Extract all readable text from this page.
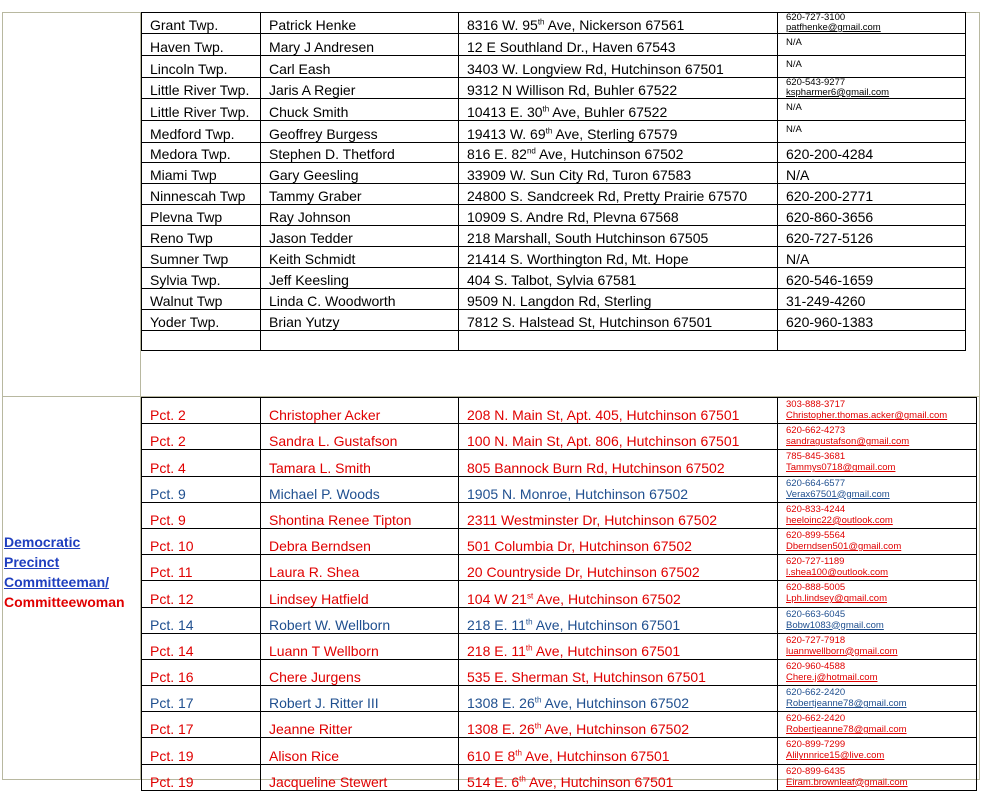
Democratic
Precinct
Committeeman/
Committeewoman
Grant Twp.	Patrick Henke	8316 W. 95th Ave, Nickerson 67561	620-727-3100
patfhenke@gmail.com

Haven Twp.	Mary J Andresen	12 E Southland Dr., Haven 67543	N/A
Lincoln Twp.	Carl Eash	3403 W. Longview Rd, Hutchinson 67501	N/A
Little River Twp.	Jaris A Regier	9312 N Willison Rd, Buhler 67522	620-543-9277
kspharmer6@gmail.com

Little River Twp.	Chuck Smith	10413 E. 30th Ave, Buhler 67522	N/A
Medford Twp.	Geoffrey Burgess	19413 W. 69th Ave, Sterling 67579	N/A
Medora Twp.	Stephen D. Thetford	816 E. 82nd Ave, Hutchinson 67502	620-200-4284
Miami Twp	Gary Geesling	33909 W. Sun City Rd, Turon 67583	N/A
Ninnescah Twp	Tammy Graber	24800 S. Sandcreek Rd, Pretty Prairie 67570	620-200-2771
Plevna Twp	Ray Johnson	10909 S. Andre Rd, Plevna 67568	620-860-3656
Reno Twp	Jason Tedder	218 Marshall, South Hutchinson 67505	620-727-5126
Sumner Twp	Keith Schmidt	21414 S. Worthington Rd, Mt. Hope	N/A
Sylvia Twp.	Jeff Keesling	404 S. Talbot, Sylvia 67581	620-546-1659
Walnut Twp	Linda C. Woodworth	9509 N. Langdon Rd, Sterling	31-249-4260
Yoder Twp.	Brian Yutzy	7812 S. Halstead St, Hutchinson 67501	620-960-1383

Pct. 2	Christopher Acker	208 N. Main St, Apt. 405, Hutchinson 67501	303-888-3717
Christopher.thomas.acker@gmail.com

Pct. 2	Sandra L. Gustafson	100 N. Main St, Apt. 806, Hutchinson 67501	620-662-4273
sandragustafson@gmail.com

Pct. 4	Tamara L. Smith	805 Bannock Burn Rd, Hutchinson 67502	785-845-3681
Tammys0718@gmail.com

Pct. 9	Michael P. Woods	1905 N. Monroe, Hutchinson 67502	620-664-6577
Verax67501@gmail.com

Pct. 9	Shontina Renee Tipton	2311 Westminster Dr, Hutchinson 67502	620-833-4244
heeloinc22@outlook.com

Pct. 10	Debra Berndsen	501 Columbia Dr, Hutchinson 67502	620-899-5564
Dberndsen501@gmail.com

Pct. 11	Laura R. Shea	20 Countryside Dr, Hutchinson 67502	620-727-1189
l.shea100@outlook.com

Pct. 12	Lindsey Hatfield	104 W 21st Ave, Hutchinson 67502	620-888-5005
Lph.lindsey@gmail.com

Pct. 14	Robert W. Wellborn	218 E. 11th Ave, Hutchinson 67501	620-663-6045
Bobw1083@gmail.com

Pct. 14	Luann T Wellborn	218 E. 11th Ave, Hutchinson 67501	620-727-7918
luannwellborn@gmail.com

Pct. 16	Chere Jurgens	535 E. Sherman St, Hutchinson 67501	620-960-4588
Chere.j@hotmail.com

Pct. 17	Robert J. Ritter III	1308 E. 26th Ave, Hutchinson 67502	620-662-2420
Robertjeanne78@gmail.com

Pct. 17	Jeanne Ritter	1308 E. 26th Ave, Hutchinson 67502	620-662-2420
Robertjeanne78@gmail.com

Pct. 19	Alison Rice	610 E 8th Ave, Hutchinson 67501	620-899-7299
Alilynnrice15@live.com

Pct. 19	Jacqueline Stewert	514 E. 6th Ave, Hutchinson 67501	620-899-6435
Eiram.brownleaf@gmail.com
